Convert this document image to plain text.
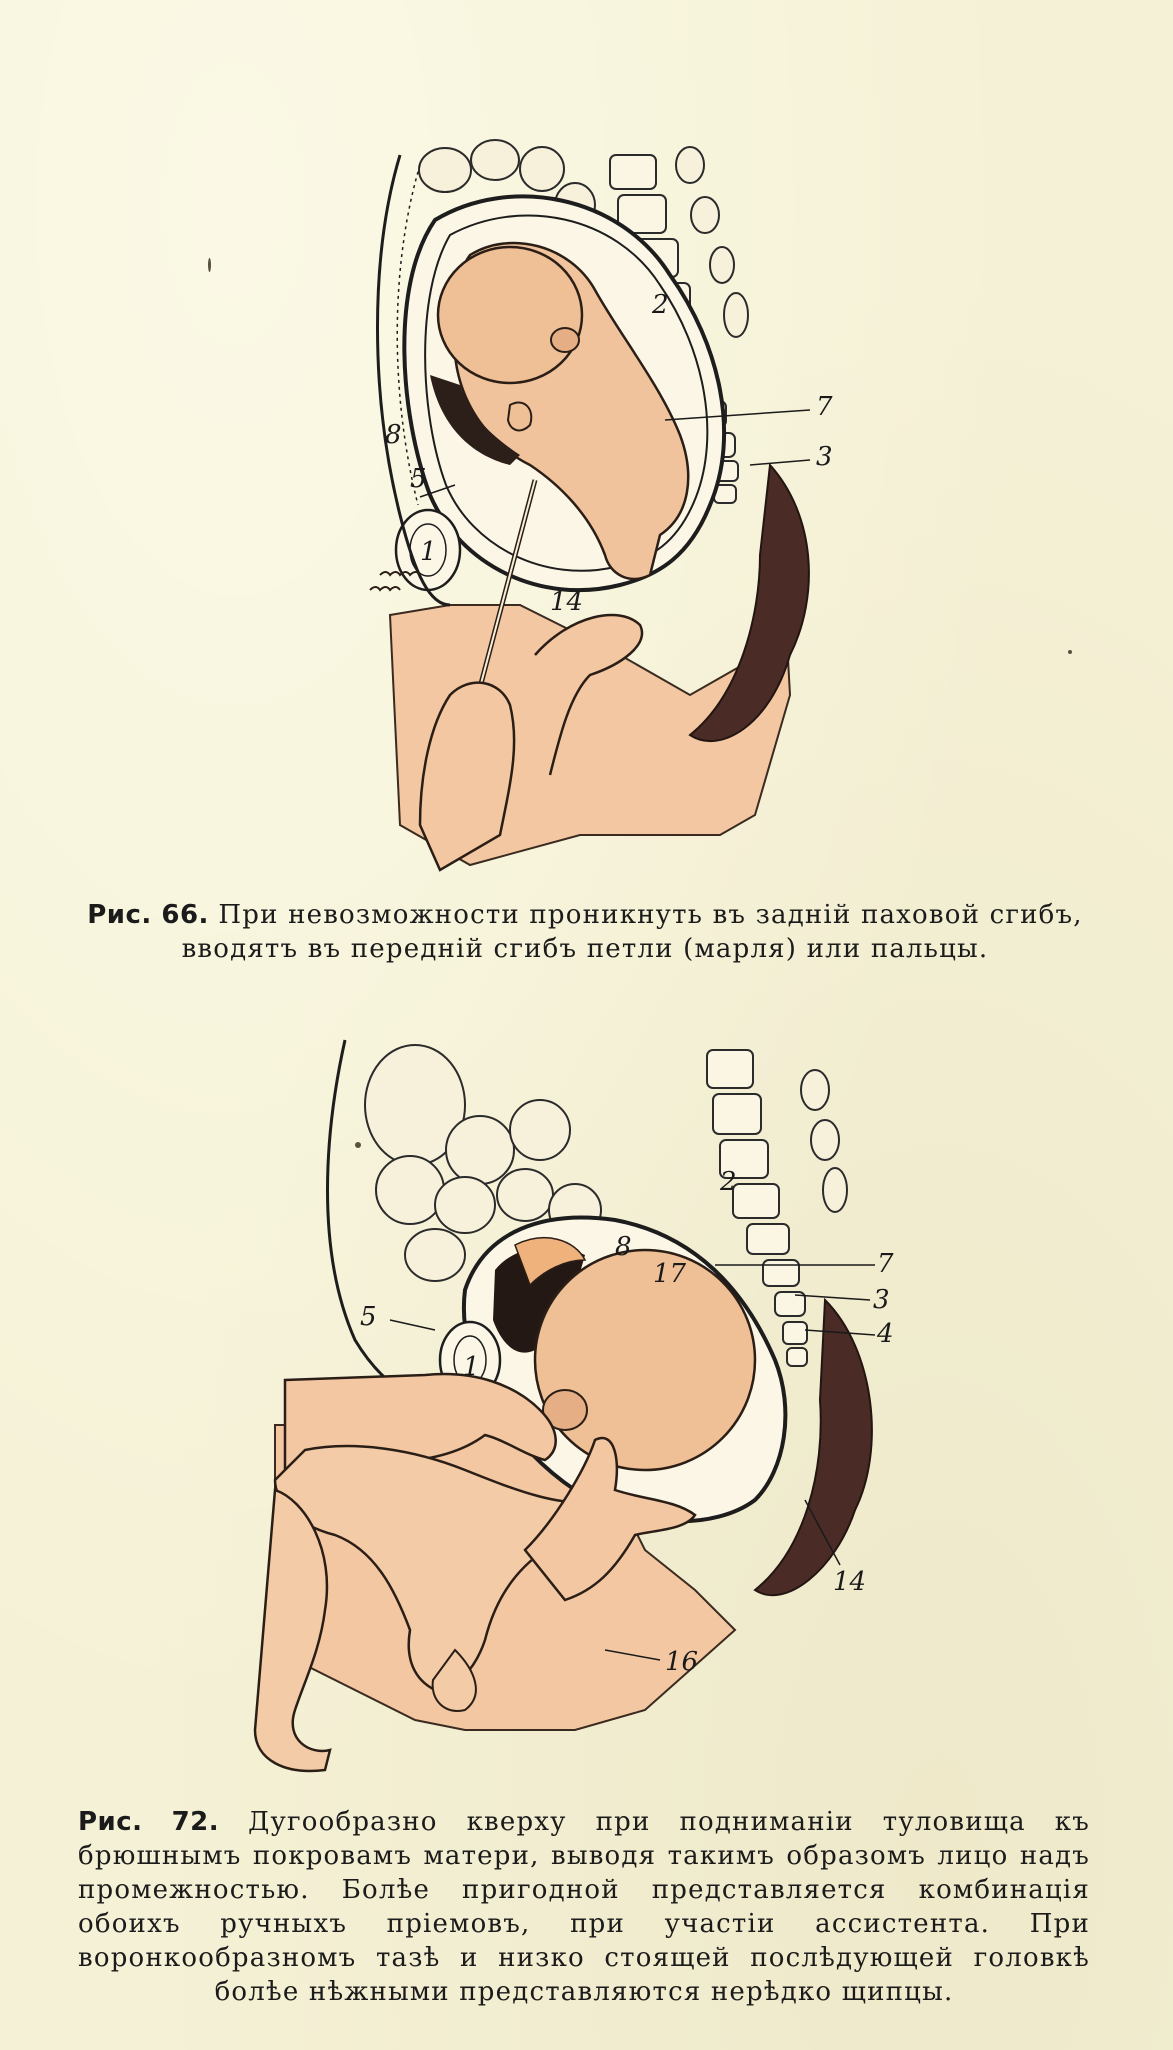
2
7
8
3
5
1
14
Рис. 66. При невозможности проникнуть въ задній паховой сгибъ, вводятъ въ передній сгибъ петли (марля) или пальцы.
2
8
17	7
3
5
4
1
14
16
Рис. 72. Дугообразно кверху при подниманіи туловища къ брюшнымъ покровамъ матери, выводя такимъ образомъ лицо надъ промежностью. Болѣе пригодной представляется комбинація обоихъ ручныхъ пріемовъ, при участіи ассистента. При воронкообразномъ тазѣ и низко стоящей послѣдующей головкѣ болѣе нѣжными представляются нерѣдко щипцы.
